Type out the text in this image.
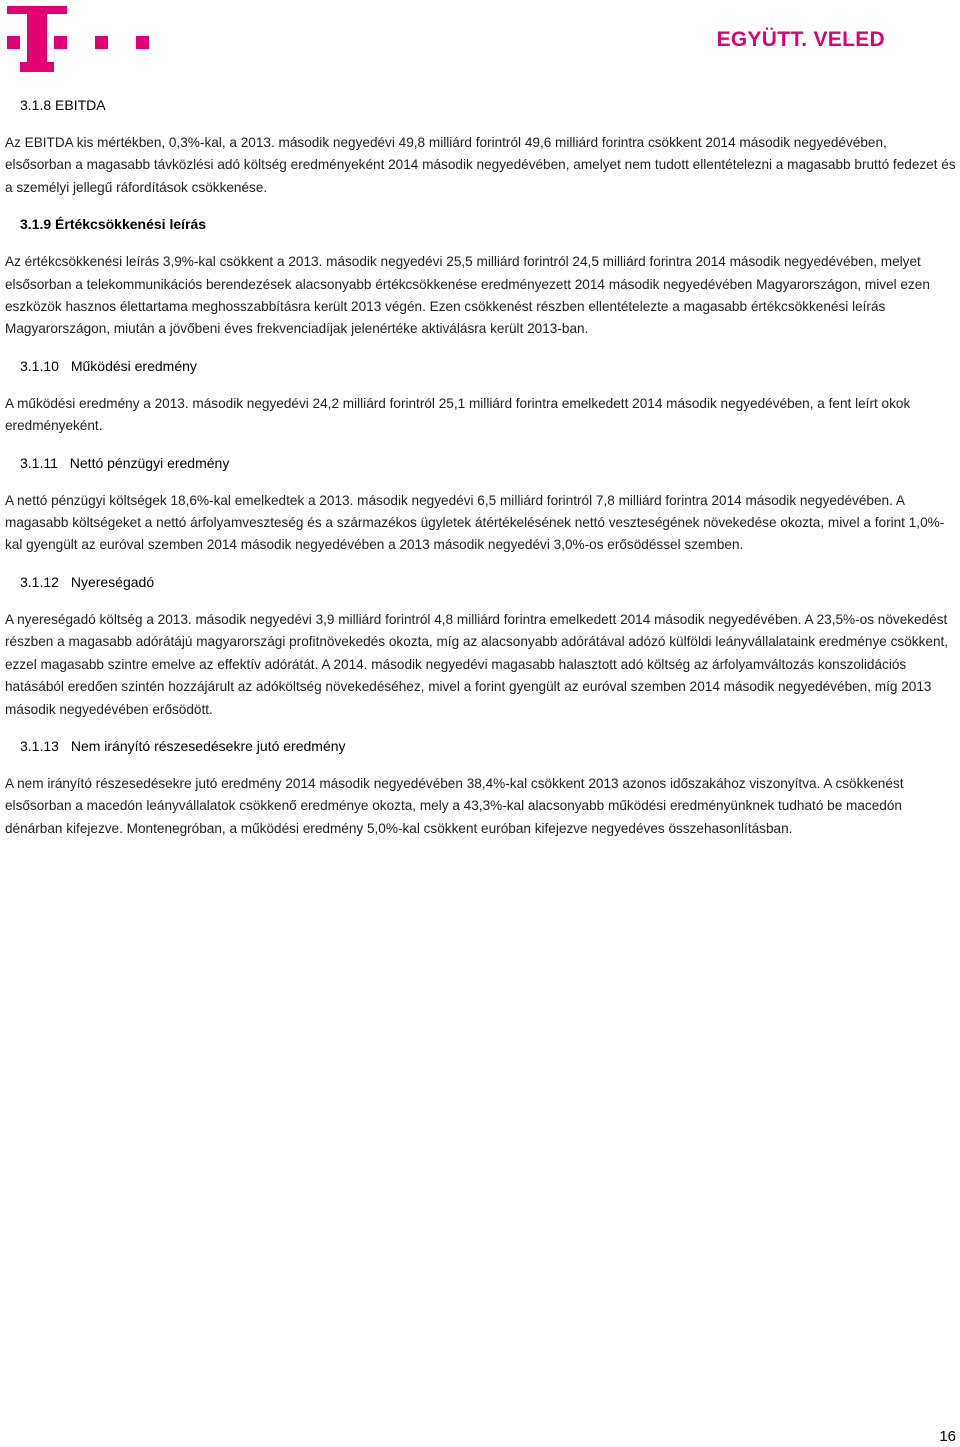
EGYÜTT. VELED
3.1.8 EBITDA

Az EBITDA kis mértékben, 0,3%-kal, a 2013. második negyedévi 49,8 milliárd forintról 49,6 milliárd forintra csökkent 2014 második negyedévében, elsősorban a magasabb távközlési adó költség eredményeként 2014 második negyedévében, amelyet nem tudott ellentételezni a magasabb bruttó fedezet és a személyi jellegű ráfordítások csökkenése.

3.1.9 Értékcsökkenési leírás

Az értékcsökkenési leírás 3,9%-kal csökkent a 2013. második negyedévi 25,5 milliárd forintról 24,5 milliárd forintra 2014 második negyedévében, melyet elsősorban a telekommunikációs berendezések alacsonyabb értékcsökkenése eredményezett 2014 második negyedévében Magyarországon, mivel ezen eszközök hasznos élettartama meghosszabbításra került 2013 végén. Ezen csökkenést részben ellentételezte a magasabb értékcsökkenési leírás Magyarországon, miután a jövőbeni éves frekvenciadíjak jelenértéke aktiválásra került 2013-ban.

3.1.10 Működési eredmény

A működési eredmény a 2013. második negyedévi 24,2 milliárd forintról 25,1 milliárd forintra emelkedett 2014 második negyedévében, a fent leírt okok eredményeként.

3.1.11 Nettó pénzügyi eredmény

A nettó pénzügyi költségek 18,6%-kal emelkedtek a 2013. második negyedévi 6,5 milliárd forintról 7,8 milliárd forintra 2014 második negyedévében. A magasabb költségeket a nettó árfolyamveszteség és a származékos ügyletek átértékelésének nettó veszteségének növekedése okozta, mivel a forint 1,0%-kal gyengült az euróval szemben 2014 második negyedévében a 2013 második negyedévi 3,0%-os erősödéssel szemben.

3.1.12 Nyereségadó

A nyereségadó költség a 2013. második negyedévi 3,9 milliárd forintról 4,8 milliárd forintra emelkedett 2014 második negyedévében. A 23,5%-os növekedést részben a magasabb adórátájú magyarországi profitnövekedés okozta, míg az alacsonyabb adórátával adózó külföldi leányvállalataink eredménye csökkent, ezzel magasabb szintre emelve az effektív adórátát. A 2014. második negyedévi magasabb halasztott adó költség az árfolyamváltozás konszolidációs hatásából eredően szintén hozzájárult az adóköltség növekedéséhez, mivel a forint gyengült az euróval szemben 2014 második negyedévében, míg 2013 második negyedévében erősödött.

3.1.13 Nem irányító részesedésekre jutó eredmény

A nem irányító részesedésekre jutó eredmény 2014 második negyedévében 38,4%-kal csökkent 2013 azonos időszakához viszonyítva. A csökkenést elsősorban a macedón leányvállalatok csökkenő eredménye okozta, mely a 43,3%-kal alacsonyabb működési eredményünknek tudható be macedón dénárban kifejezve. Montenegróban, a működési eredmény 5,0%-kal csökkent euróban kifejezve negyedéves összehasonlításban.

16
